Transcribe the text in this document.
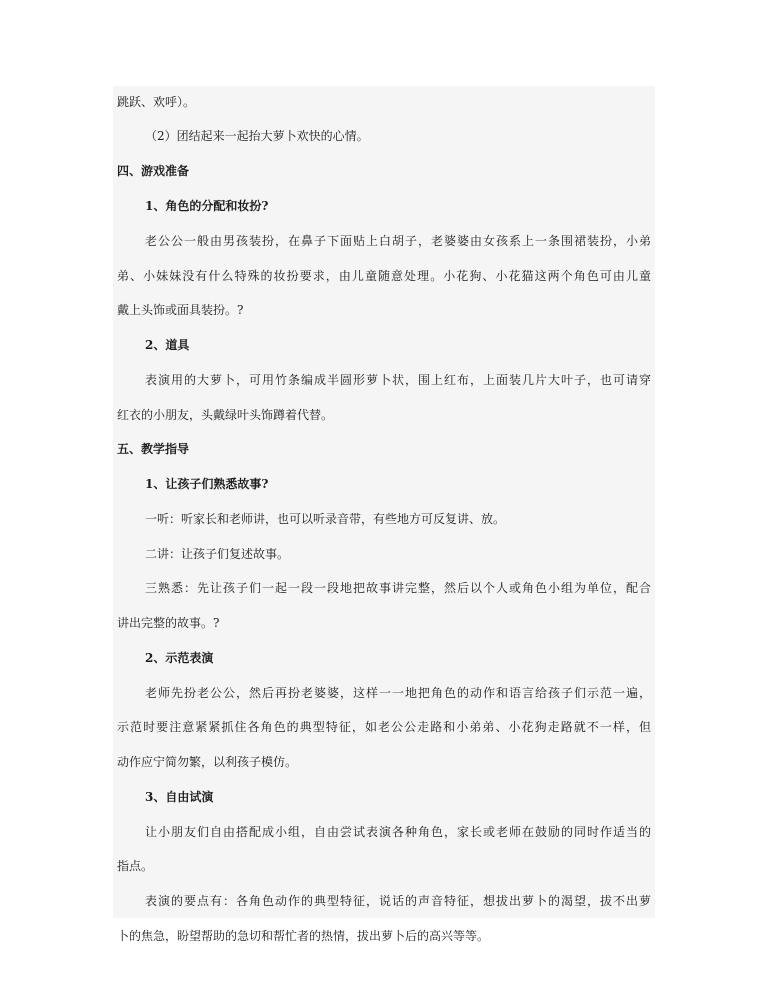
跳跃、欢呼）。
（2）团结起来一起抬大萝卜欢快的心情。
四、游戏准备
1、角色的分配和妆扮?
老公公一般由男孩装扮，在鼻子下面贴上白胡子，老婆婆由女孩系上一条围裙装扮，小弟
弟、小妹妹没有什么特殊的妆扮要求，由儿童随意处理。小花狗、小花猫这两个角色可由儿童
戴上头饰或面具装扮。?
2、道具
表演用的大萝卜，可用竹条编成半圆形萝卜状，围上红布，上面装几片大叶子，也可请穿
红衣的小朋友，头戴绿叶头饰蹲着代替。
五、教学指导
1、让孩子们熟悉故事?
一听：听家长和老师讲，也可以听录音带，有些地方可反复讲、放。
二讲：让孩子们复述故事。
三熟悉：先让孩子们一起一段一段地把故事讲完整，然后以个人或角色小组为单位，配合
讲出完整的故事。?
2、示范表演
老师先扮老公公，然后再扮老婆婆，这样一一地把角色的动作和语言给孩子们示范一遍，
示范时要注意紧紧抓住各角色的典型特征，如老公公走路和小弟弟、小花狗走路就不一样，但
动作应宁简勿繁，以利孩子模仿。
3、自由试演
让小朋友们自由搭配成小组，自由尝试表演各种角色，家长或老师在鼓励的同时作适当的
指点。
表演的要点有：各角色动作的典型特征，说话的声音特征，想拔出萝卜的渴望，拔不出萝
卜的焦急，盼望帮助的急切和帮忙者的热情，拔出萝卜后的高兴等等。
